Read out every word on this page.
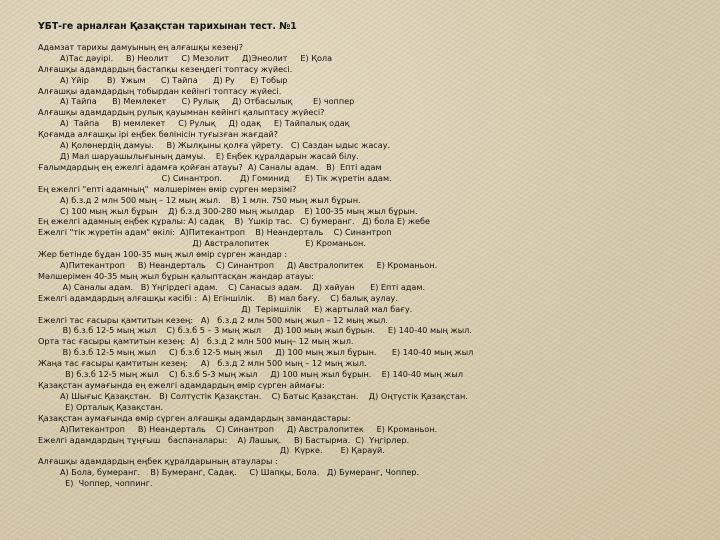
ҰБТ-ге арналған Қазақстан тарихынан тест. №1
Адамзат тарихы дамуының ең алғашқы кезеңі?
А)Тас дәуірі.     В) Неолит     С) Мезолит     Д)Энеолит     Е) Қола
Алғашқы адамдардың бастапқы кезеңдегі топтасу жүйесі.
А) Үйір       В)  Ұжым      С) Тайпа      Д) Ру      Е) Тобыр
Алғашқы адамдардың тобырдан кейінгі топтасу жүйесі.
А) Тайпа      В) Мемлекет      С) Рулық     Д) Отбасылық        Е) чоппер
Алғашқы адамдардың рулық қауымнан кейінгі қалыптасу жүйесі?
А)  Тайпа     В) мемлекет     С) Рулық     Д) одақ     Е) Тайпалық одақ
Қоғамда алғашқы ірі еңбек бөлінісін туғызған жағдай?
А) Қолөнердің дамуы.     В) Жылқыны қолға үйрету.   С) Саздан ыдыс жасау.
Д) Мал шаруашылығының дамуы.    Е) Еңбек құралдарын жасай білу.
Ғалымдардың ең ежелгі адамға қойған атауы?  А) Саналы адам.   В)  Епті адам
С) Синантроп.       Д) Гоминид      Е) Тік жүретін адам.
Ең ежелгі "епті адамның"  мәлшерімен өмір сүрген мерзімі?
А) б.з.д 2 млн 500 мың – 12 мың жыл.    В) 1 млн. 750 мың жыл бұрын.
С) 100 мың жыл бұрын    Д) б.з.д 300-280 мың жылдар    Е) 100-35 мың жыл бұрын.
Ең ежелгі адамның еңбек құралы: А) садақ    В)  Үшкір тас.   С) бумеранг.   Д) бола Е) жебе
Ежелгі "тік жүретін адам" өкілі:  А)Питекантроп    В) Неандерталь    С) Синантроп
Д) Австралопитек              Е) Кроманьон.
Жер бетінде бұдан 100-35 мың жыл өмір сүрген жандар :
А)Питекантроп     В) Неандерталь    С) Синантроп     Д) Австралопитек     Е) Кроманьон.
Мәлшерімен 40-35 мың жыл бұрын қалыптасқан жандар атауы:
А) Саналы адам.   В) Үңгірдегі адам.    С) Санасыз адам.    Д) хайуан      Е) Епті адам.
Ежелгі адамдардың алғашқы кәсібі :  А) Егіншілік.     В) мал бағу.    С) балық аулау.
Д)  Терімшілік     Е) жартылай мал бағу.
Ежелгі тас ғасыры қамтитын кезең:   А)   б.з.д 2 млн 500 мың жыл – 12 мың жыл.
В) б.з.б 12-5 мың жыл    С) б.з.б 5 – 3 мың жыл     Д) 100 мың жыл бұрын.     Е) 140-40 мың жыл.
Орта тас ғасыры қамтитын кезең:  А)   б.з.д 2 млн 500 мың– 12 мың жыл.
В) б.з.б 12-5 мың жыл     С) б.з.б 12-5 мың жыл     Д) 100 мың жыл бұрын.      Е) 140-40 мың жыл
Жаңа тас ғасыры қамтитын кезең:     А)   б.з.д 2 млн 500 мың – 12 мың жыл.
В) б.з.б 12-5 мың жыл    С) б.з.б 5-3 мың жыл     Д) 100 мың жыл бұрын.    Е) 140-40 мың жыл
Қазақстан аумағында ең ежелгі адамдардың өмір сүрген аймағы:
А) Шығыс Қазақстан.   В) Солтүстік Қазақстан.    С) Батыс Қазақстан.    Д) Оңтүстік Қазақстан.
Е) Орталық Қазақстан.
Қазақстан аумағында өмір сүрген алғашқы адамдардың замандастары:
А)Питекантроп     В) Неандерталь    С) Синантроп     Д) Австралопитек     Е) Кроманьон.
Ежелгі адамдардың тұңғыш   баспаналары:    А) Лашық.     В) Бастырма.  С)  Үңгірлер.
Д)  Күрке.       Е) Қарауй.
Алғашқы адамдардың еңбек құралдарының атаулары :
А) Бола, бумеранг.    В) Бумеранг, Садақ.     С) Шапқы, Бола.   Д) Бумеранг, Чоппер.
Е)  Чоппер, чоппинг.
